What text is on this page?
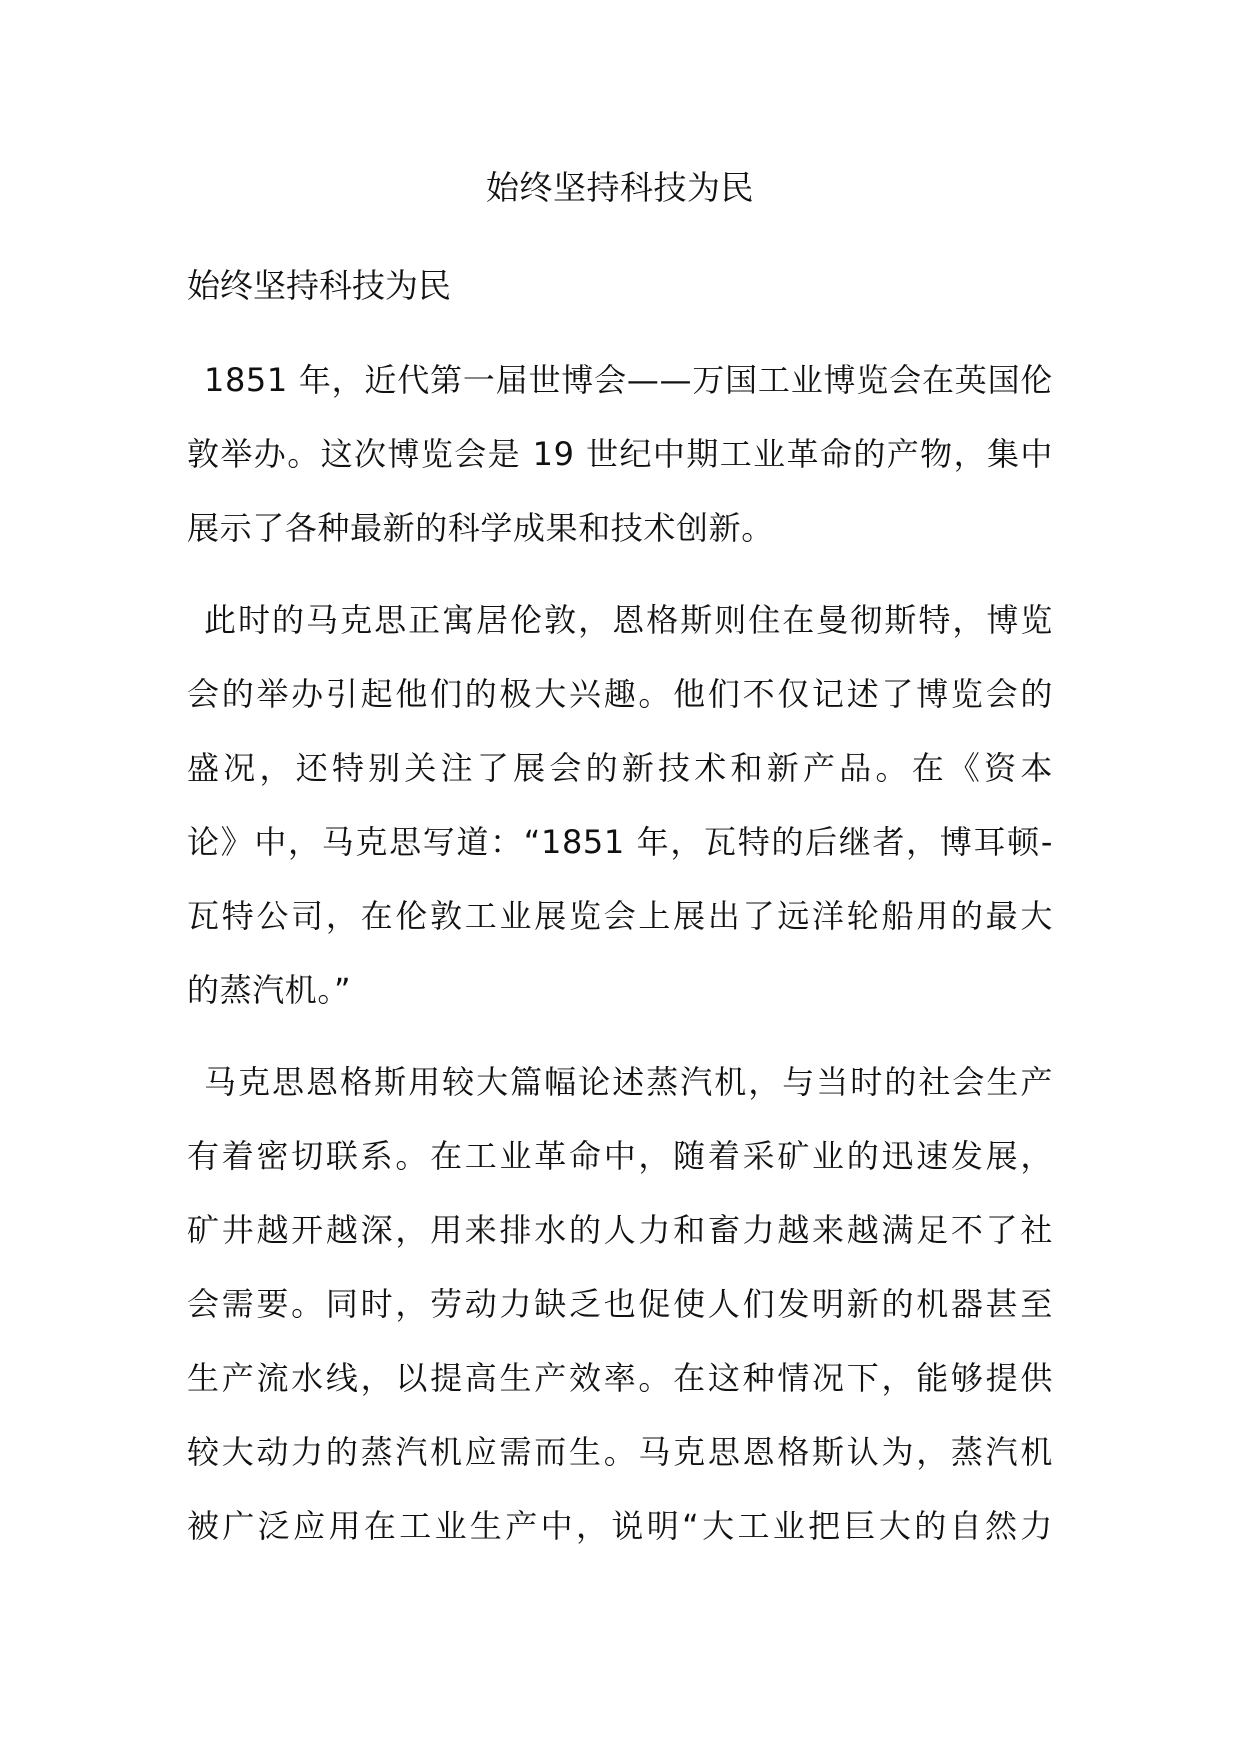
始终坚持科技为民
始终坚持科技为民
1851 年，近代第一届世博会——万国工业博览会在英国伦
敦举办。这次博览会是 19 世纪中期工业革命的产物，集中
展示了各种最新的科学成果和技术创新。
此时的马克思正寓居伦敦，恩格斯则住在曼彻斯特，博览
会的举办引起他们的极大兴趣。他们不仅记述了博览会的
盛况，还特别关注了展会的新技术和新产品。在《资本
论》中，马克思写道：“1851 年，瓦特的后继者，博耳顿-
瓦特公司，在伦敦工业展览会上展出了远洋轮船用的最大
的蒸汽机。”
马克思恩格斯用较大篇幅论述蒸汽机，与当时的社会生产
有着密切联系。在工业革命中，随着采矿业的迅速发展，
矿井越开越深，用来排水的人力和畜力越来越满足不了社
会需要。同时，劳动力缺乏也促使人们发明新的机器甚至
生产流水线，以提高生产效率。在这种情况下，能够提供
较大动力的蒸汽机应需而生。马克思恩格斯认为，蒸汽机
被广泛应用在工业生产中，说明“大工业把巨大的自然力
